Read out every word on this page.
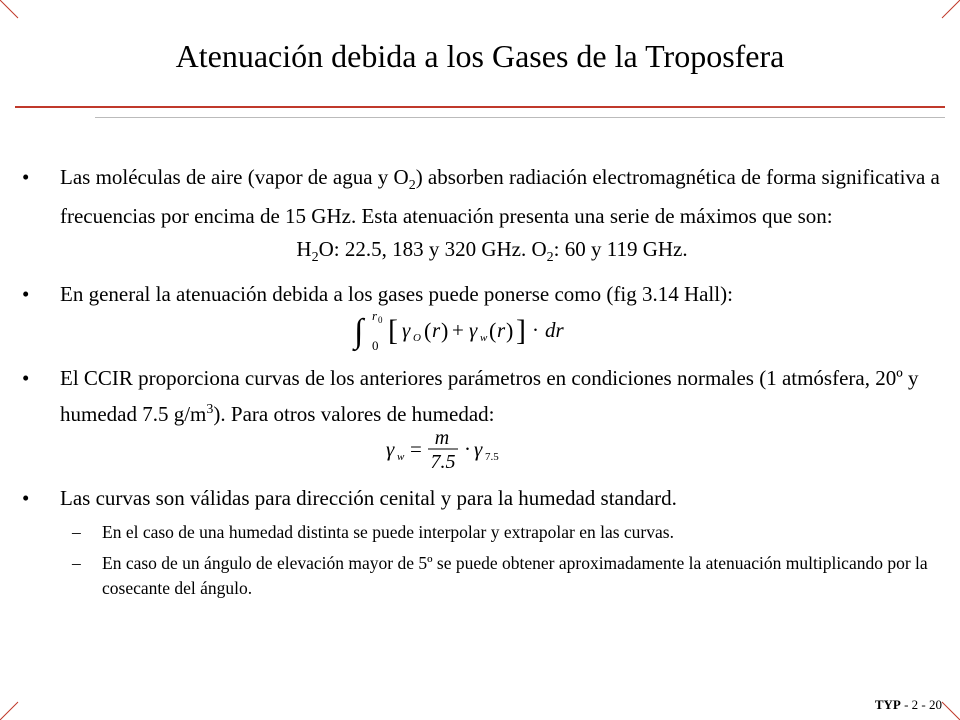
Atenuación debida a los Gases de la Troposfera
•	Las moléculas de aire (vapor de agua y $O_2$) absorben radiación electromagnética de forma significativa a frecuencias por encima de 15 GHz. Esta atenuación presenta una serie de máximos que son:
$H_2O$: 22.5, 183 y 320 GHz. $O_2$: 60 y 119 GHz.
•	En general la atenuación debida a los gases puede ponerse como (fig 3.14 Hall):
∫ r 0
0 [ γ O ( r ) + γ w ( r ) ] · dr
•	El CCIR proporciona curvas de los anteriores parámetros en condiciones normales (1 atmósfera, 20º y humedad 7.5 $g/m^3$). Para otros valores de humedad:
γ w = m
7.5
· γ 7.5
•	Las curvas son válidas para dirección cenital y para la humedad standard.
–	En el caso de una humedad distinta se puede interpolar y extrapolar en las curvas.
–	En caso de un ángulo de elevación mayor de 5º se puede obtener aproximadamente la atenuación multiplicando por la cosecante del ángulo.
TYP - 2 - 20
